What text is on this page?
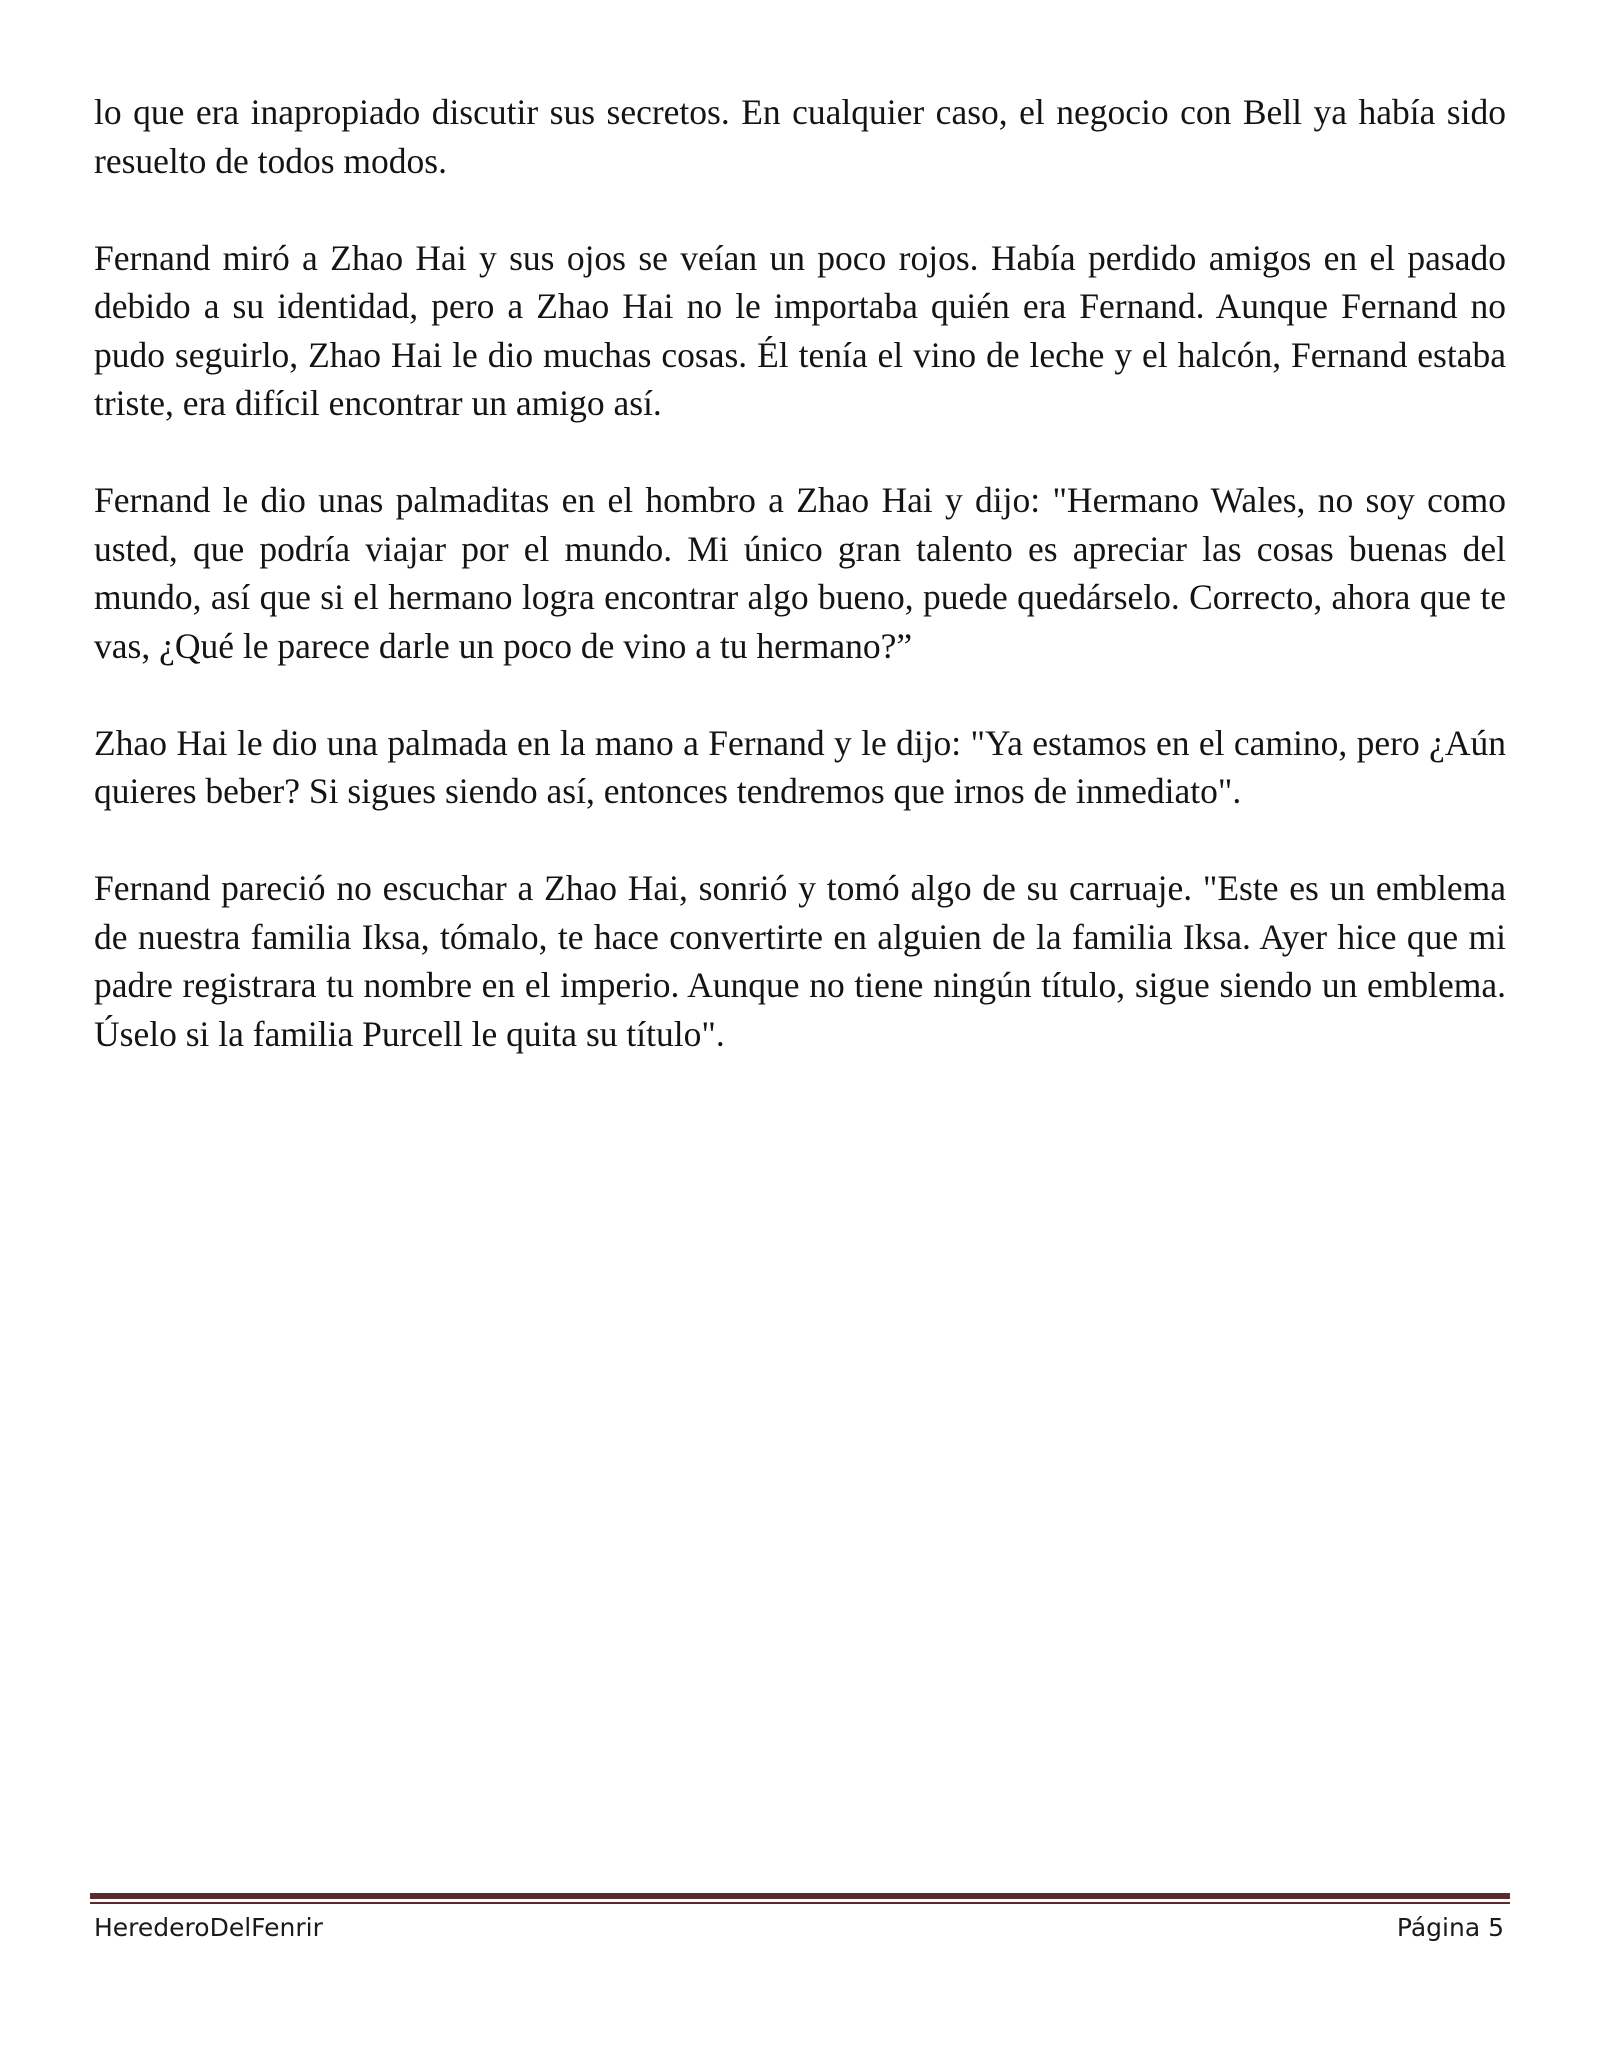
lo que era inapropiado discutir sus secretos. En cualquier caso, el negocio con Bell ya había sido resuelto de todos modos.

Fernand miró a Zhao Hai y sus ojos se veían un poco rojos. Había perdido amigos en el pasado debido a su identidad, pero a Zhao Hai no le importaba quién era Fernand. Aunque Fernand no pudo seguirlo, Zhao Hai le dio muchas cosas. Él tenía el vino de leche y el halcón, Fernand estaba triste, era difícil encontrar un amigo así.

Fernand le dio unas palmaditas en el hombro a Zhao Hai y dijo: "Hermano Wales, no soy como usted, que podría viajar por el mundo. Mi único gran talento es apreciar las cosas buenas del mundo, así que si el hermano logra encontrar algo bueno, puede quedárselo. Correcto, ahora que te vas, ¿Qué le parece darle un poco de vino a tu hermano?”

Zhao Hai le dio una palmada en la mano a Fernand y le dijo: "Ya estamos en el camino, pero ¿Aún quieres beber? Si sigues siendo así, entonces tendremos que irnos de inmediato".

Fernand pareció no escuchar a Zhao Hai, sonrió y tomó algo de su carruaje. "Este es un emblema de nuestra familia Iksa, tómalo, te hace convertirte en alguien de la familia Iksa. Ayer hice que mi padre registrara tu nombre en el imperio. Aunque no tiene ningún título, sigue siendo un emblema. Úselo si la familia Purcell le quita su título".

HerederoDelFenrir	Página 5
